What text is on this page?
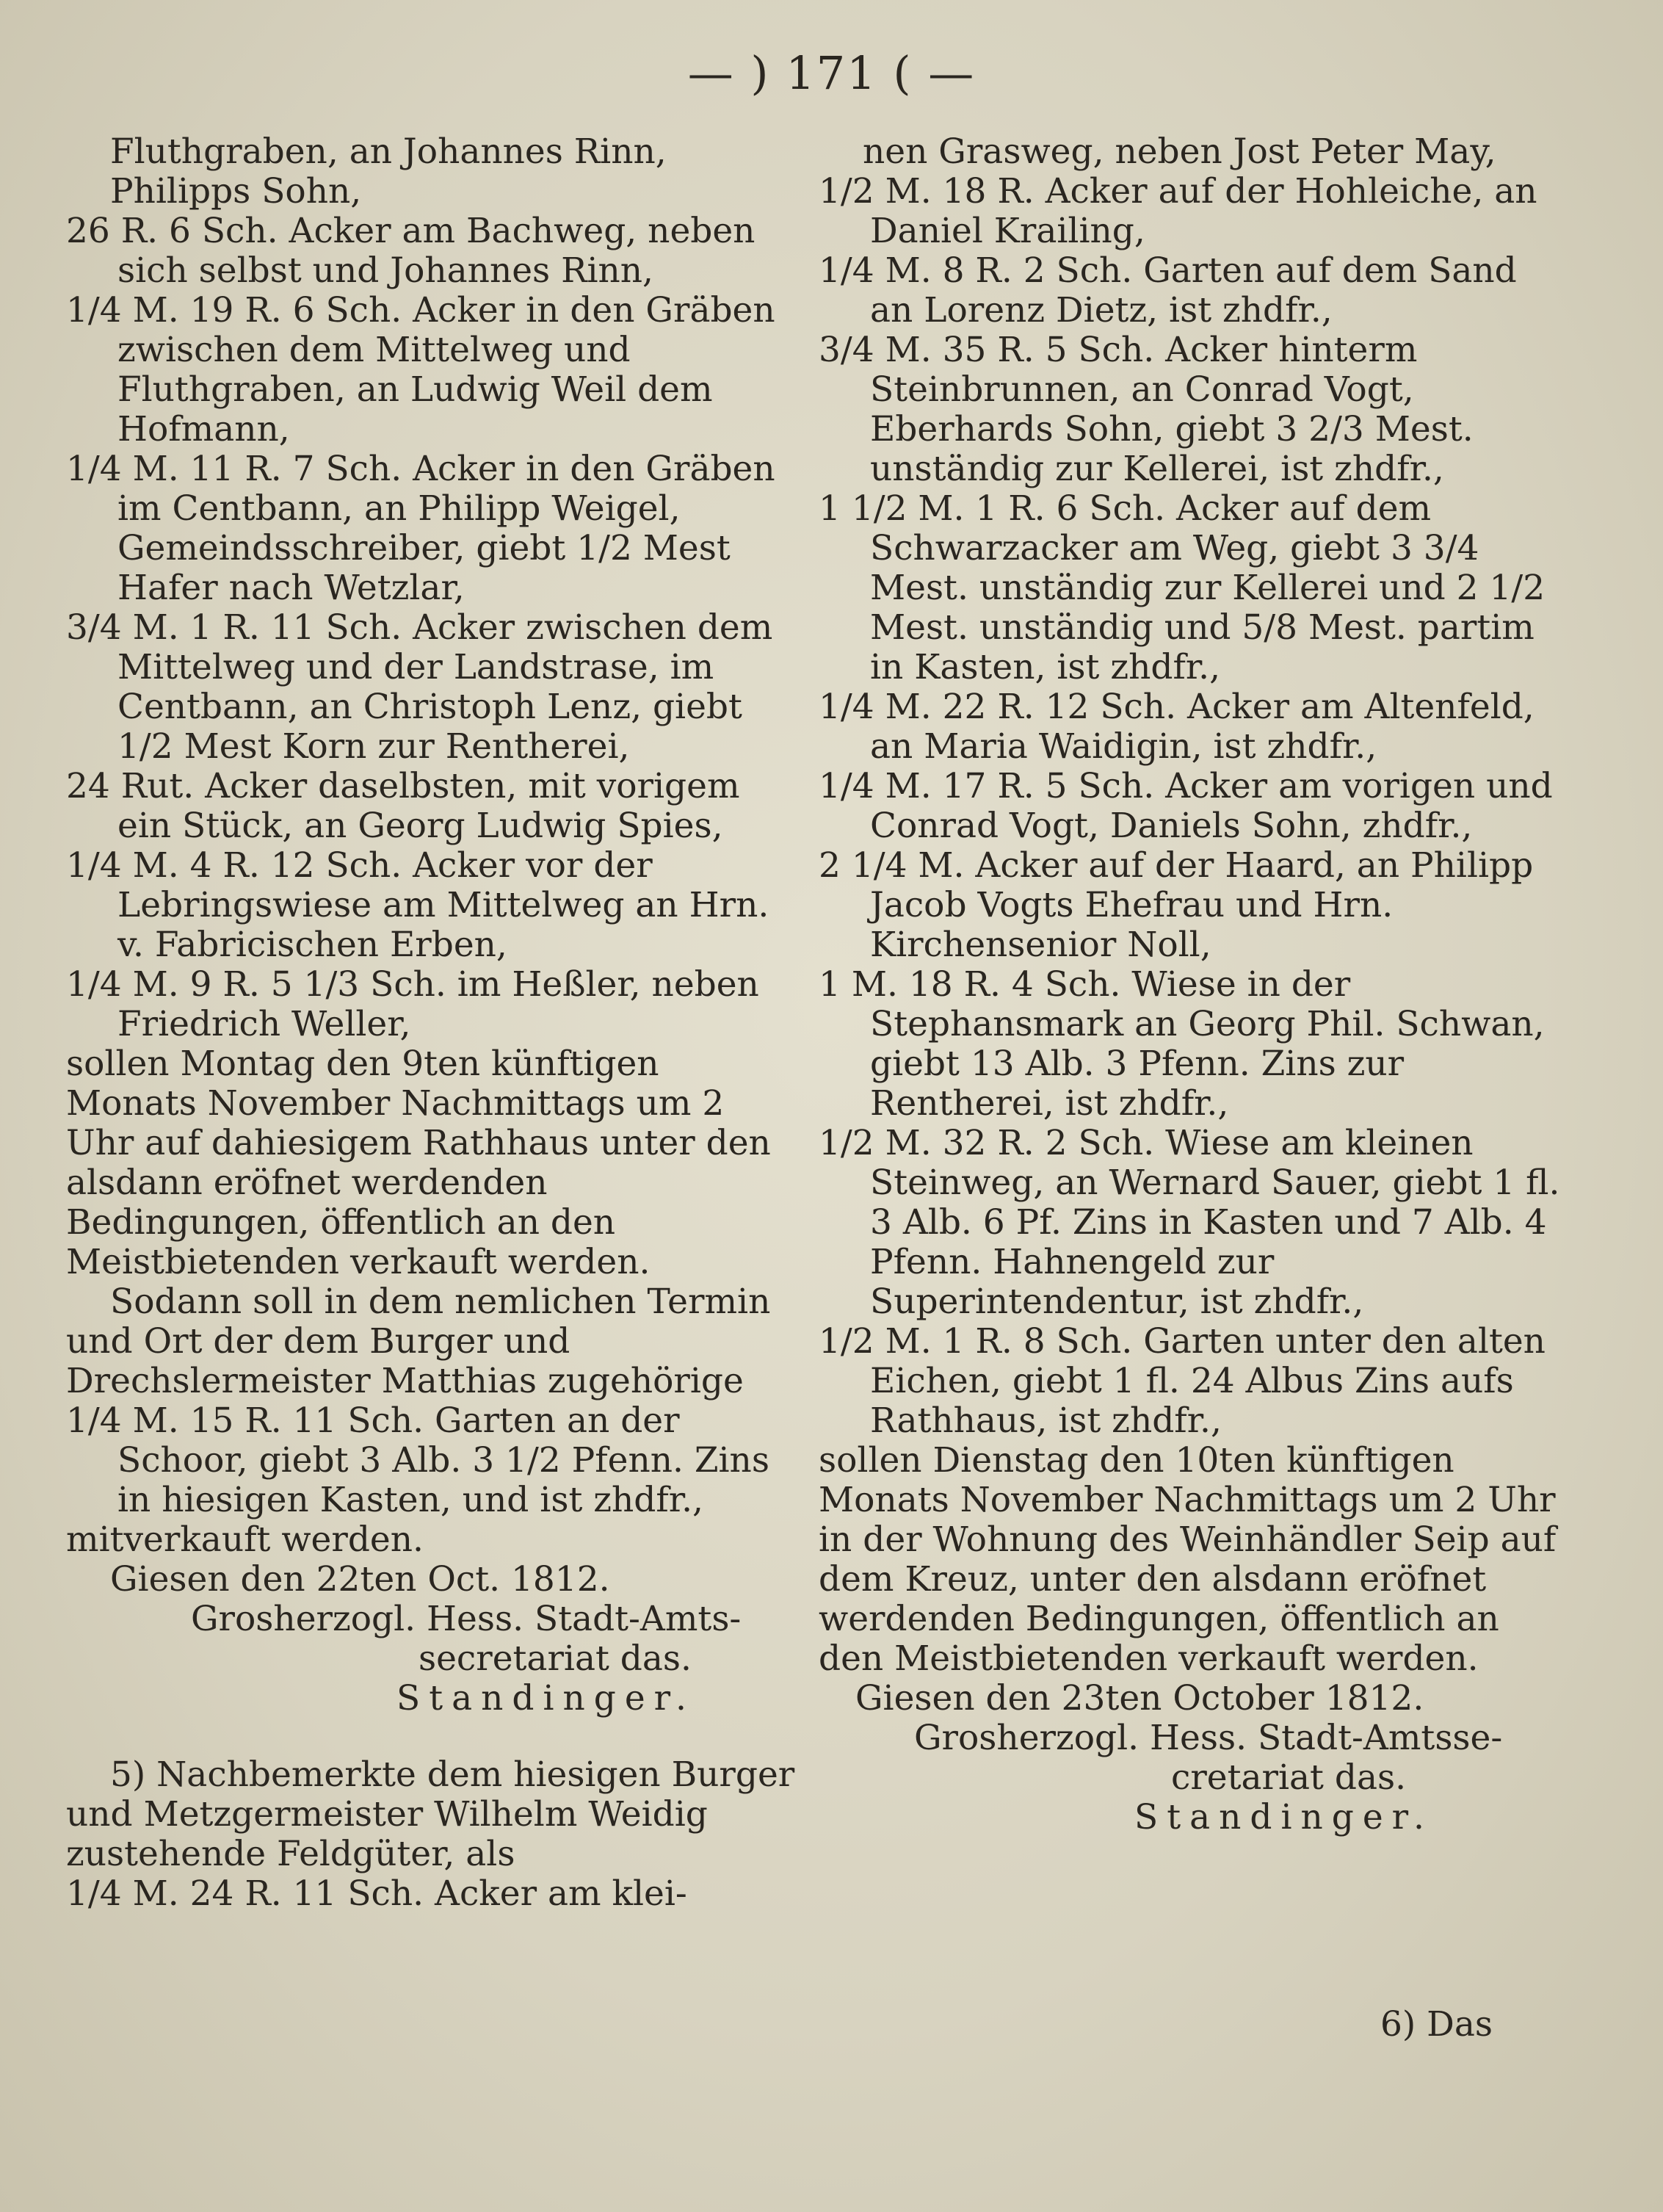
— ) 171 ( —

Fluthgraben, an Johannes Rinn, Philipps Sohn,

26 R. 6 Sch. Acker am Bachweg, neben sich selbst und Johannes Rinn,

1/4 M. 19 R. 6 Sch. Acker in den Gräben zwischen dem Mittelweg und Fluthgraben, an Ludwig Weil dem Hofmann,

1/4 M. 11 R. 7 Sch. Acker in den Gräben im Centbann, an Philipp Weigel, Gemeindsschreiber, giebt 1/2 Mest Hafer nach Wetzlar,

3/4 M. 1 R. 11 Sch. Acker zwischen dem Mittelweg und der Landstrase, im Centbann, an Christoph Lenz, giebt 1/2 Mest Korn zur Rentherei,

24 Rut. Acker daselbsten, mit vorigem ein Stück, an Georg Ludwig Spies,

1/4 M. 4 R. 12 Sch. Acker vor der Lebringswiese am Mittelweg an Hrn. v. Fabricischen Erben,

1/4 M. 9 R. 5 1/3 Sch. im Heßler, neben Friedrich Weller,

sollen Montag den 9ten künftigen Monats November Nachmittags um 2 Uhr auf dahiesigem Rathhaus unter den alsdann eröfnet werdenden Bedingungen, öffentlich an den Meistbietenden verkauft werden.

Sodann soll in dem nemlichen Termin und Ort der dem Burger und Drechslermeister Matthias zugehörige

1/4 M. 15 R. 11 Sch. Garten an der Schoor, giebt 3 Alb. 3 1/2 Pfenn. Zins in hiesigen Kasten, und ist zhdfr.,

mitverkauft werden.

Giesen den 22ten Oct. 1812.

Grosherzogl. Hess. Stadt-Amts-

secretariat das.

Standinger.

5) Nachbemerkte dem hiesigen Burger und Metzgermeister Wilhelm Weidig zustehende Feldgüter, als

1/4 M. 24 R. 11 Sch. Acker am klei-

nen Grasweg, neben Jost Peter May,

1/2 M. 18 R. Acker auf der Hohleiche, an Daniel Krailing,

1/4 M. 8 R. 2 Sch. Garten auf dem Sand an Lorenz Dietz, ist zhdfr.,

3/4 M. 35 R. 5 Sch. Acker hinterm Steinbrunnen, an Conrad Vogt, Eberhards Sohn, giebt 3 2/3 Mest. unständig zur Kellerei, ist zhdfr.,

1 1/2 M. 1 R. 6 Sch. Acker auf dem Schwarzacker am Weg, giebt 3 3/4 Mest. unständig zur Kellerei und 2 1/2 Mest. unständig und 5/8 Mest. partim in Kasten, ist zhdfr.,

1/4 M. 22 R. 12 Sch. Acker am Altenfeld, an Maria Waidigin, ist zhdfr.,

1/4 M. 17 R. 5 Sch. Acker am vorigen und Conrad Vogt, Daniels Sohn, zhdfr.,

2 1/4 M. Acker auf der Haard, an Philipp Jacob Vogts Ehefrau und Hrn. Kirchensenior Noll,

1 M. 18 R. 4 Sch. Wiese in der Stephansmark an Georg Phil. Schwan, giebt 13 Alb. 3 Pfenn. Zins zur Rentherei, ist zhdfr.,

1/2 M. 32 R. 2 Sch. Wiese am kleinen Steinweg, an Wernard Sauer, giebt 1 fl. 3 Alb. 6 Pf. Zins in Kasten und 7 Alb. 4 Pfenn. Hahnengeld zur Superintendentur, ist zhdfr.,

1/2 M. 1 R. 8 Sch. Garten unter den alten Eichen, giebt 1 fl. 24 Albus Zins aufs Rathhaus, ist zhdfr.,

sollen Dienstag den 10ten künftigen Monats November Nachmittags um 2 Uhr in der Wohnung des Weinhändler Seip auf dem Kreuz, unter den alsdann eröfnet werdenden Bedingungen, öffentlich an den Meistbietenden verkauft werden.

Giesen den 23ten October 1812.

Grosherzogl. Hess. Stadt-Amtsse-

cretariat das.

Standinger.

6) Das
